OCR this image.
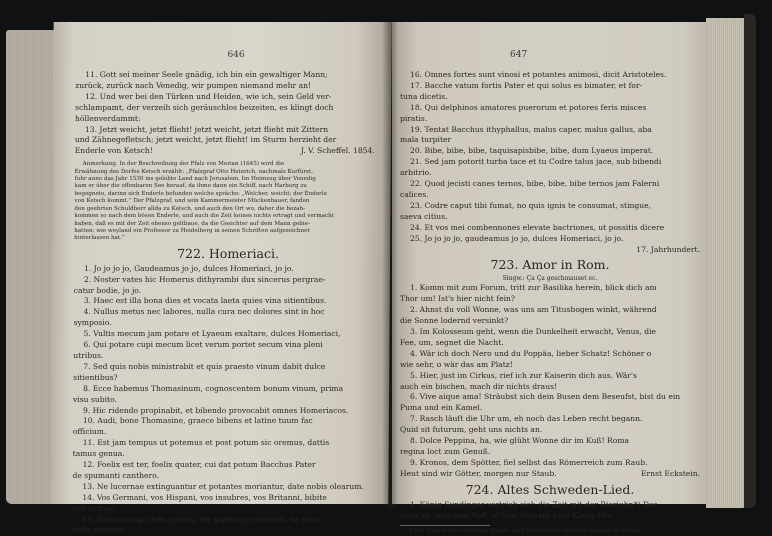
646
11. Gott sei meiner Seele gnädig, ich bin ein gewaltiger Mann;
zurück, zurück nach Venedig, wir pumpen niemand mehr an!
12. Und wer bei den Türken und Heiden, wie ich, sein Geld ver-
schlampamt, der verzeih sich geräuschlos beizeiten, es klingt doch
höllenverdammt:
13. Jetzt weicht, jetzt flieht! jetzt weicht, jetzt flieht mit Zittern
und Zähnegefletsch; jetzt weicht, jetzt flieht! im Sturm herzieht der
Enderle von Ketsch!	J. V. Scheffel. 1854.
Anmerkung. In der Beschreibung der Pfalz von Merian (1645) wird die
Erwähnung des Dorfes Ketsch erzählt: „Pfalzgraf Otto Heinrich, nachmals Kurfürst,
fuhr anno das Jahr 1530 ins gelobte Land nach Jerusalem. Im Heimzug über Venedig
kam er über die offenbaren See herauf, da ihme dann ein Schiff, nach Harburg zu
begegnete, darinn sich Enderle befunden welche spräche: „Welcher, weicht; der Enderle
von Ketsch kommt.“ Der Pfalzgraf, und sein Kammermeister Mückenbauer, fanden
den geehrten Schuldherr allda zu Ketsch, und auch den Ort wo, daher die bezah-
kommen so nach dem bösen Enderle, und auch die Zeit keines nichts ertragt und vermacht
haben, daß es mit der Zeit ebenso geltbaue, da die Gesichter auf dem Mann gebie-
hatten: wie weyland ein Professor zu Heidelberg in seinen Schriften aufgezeichnet
hinterlassen hat.“
722. Homeriaci.
1. Jo jo jo jo, Gaudeamus jo jo, dulces Homeriaci, jo jo.
2. Noster vates hic Homerus dithyrambi dux sincerus pergrae-
catur bodie, jo jo.
3. Haec est illa bona dies et vocata laeta quies vina sitientibus.
4. Nullus metus nec labores, nulla cura nec dolores sint in hoc
symposio.
5. Vultis mecum jam potare et Lyaeum exaltare, dulces Homeriaci,
6. Qui potare cupi mecum licet verum portet secum vina pleni
utribus.
7. Sed quis nobis ministrabit et quis praesto vinum dabit dulce
sitientibus?
8. Ecce habemus Thomasinum, cognoscentem bonum vinum, prima
visu subito.
9. Hic ridendo propinabit, et bibendo provocabit omnes Homeriacos.
10. Audi, bone Thomasine, graece bibens et latine tuum fac
officium.
11. Est jam tempus ut potemus et post potum sic oremus, dattis
tamus genua.
12. Foelix est ter, foelix quater, cui dat potum Bacchus Pater
de spumanti canthero.
13. Ne lucernae extinguantur et potantes moriantur, date nobis olearum.
14. Vos Germani, vos Hispani, vos insubres, vos Britanni, bibite
pro viribus.
15. Sed vos rogo dum potatis, ter quaterque videatis, ne frus-
gatis urceum.
647
16. Omnes fortes sunt vinosi et potantes animosi, dicit Aristoteles.
17. Bacche vatum fortis Pater et qui solus es bimater, et for-
tuna dicetis.
18. Qui delphinos amatores puerorum et potores feris misces
piratis.
19. Tentat Bacchus ithyphallus, malus caper, malus gallus, aba
mala turpiter
20. Bibe, bibe, bibe, taquisapisbibe, bibe, dum Lyaeus imperat.
21. Sed jam potorit turba tace et tu Codre talus jace, sub bibendi
arbitrio.
22. Quod jecisti canes ternos, bibe, bibe, bibe ternos jam Falerni
calices.
23. Codre caput tibi fumat, no quis ignis te consumat, stingue,
saeva citius.
24. Et vos mei combennones elevate bactriones, ut possitis dicere
25. Jo jo jo jo, gaudeamus jo jo, dulces Homeriaci, jo jo.
17. Jahrhundert.
723. Amor in Rom.
Singw.: Ça Ça geschmauset ec.
1. Komm mit zum Forum, tritt zur Basilika herein, blick dich am
Thor um! Ist's hier nicht fein?
2. Ahnst du voll Wonne, was uns am Titusbogen winkt, während
die Sonne lodernd versinkt?
3. Im Kolosseum geht, wenn die Dunkelheit erwacht, Venus, die
Fee, um, segnet die Nacht.
4. Wär ich doch Nero und du Poppäa, lieber Schatz! Schöner o
wie sehr, o wär das am Platz!
5. Hier, just im Cirkus, rief ich zur Kaiserin dich aus. Wär's
auch ein bischen, mach dir nichts draus!
6. Vive aique ama! Sträubst sich dein Busen dem Beseufst, bist du ein
Puma und ein Kamel.
7. Rasch läuft die Uhr um, eh noch das Leben recht begann.
Quid sit futurum, geht uns nichts an.
8. Dolce Peppina, ha, wie glüht Wonne dir im Kuß! Roma
regina loct zum Genuß.
9. Kronos, dem Spötter, fiel selbst das Römerreich zum Raub.
Heut sind wir Götter, morgen nur Staub.	Ernst Eckstein.
724. Altes Schweden-Lied.
1. König Sundinger vertrieb sich die Zeit mit der Bierjuhr.*) Das
teyte ab manchen Suff, o! Sein Vorsahr hieß König Ufo.
*) Das Schach der nordischen Könige; auch jetzt noch in oblikaren Kneipen zu treffen.
